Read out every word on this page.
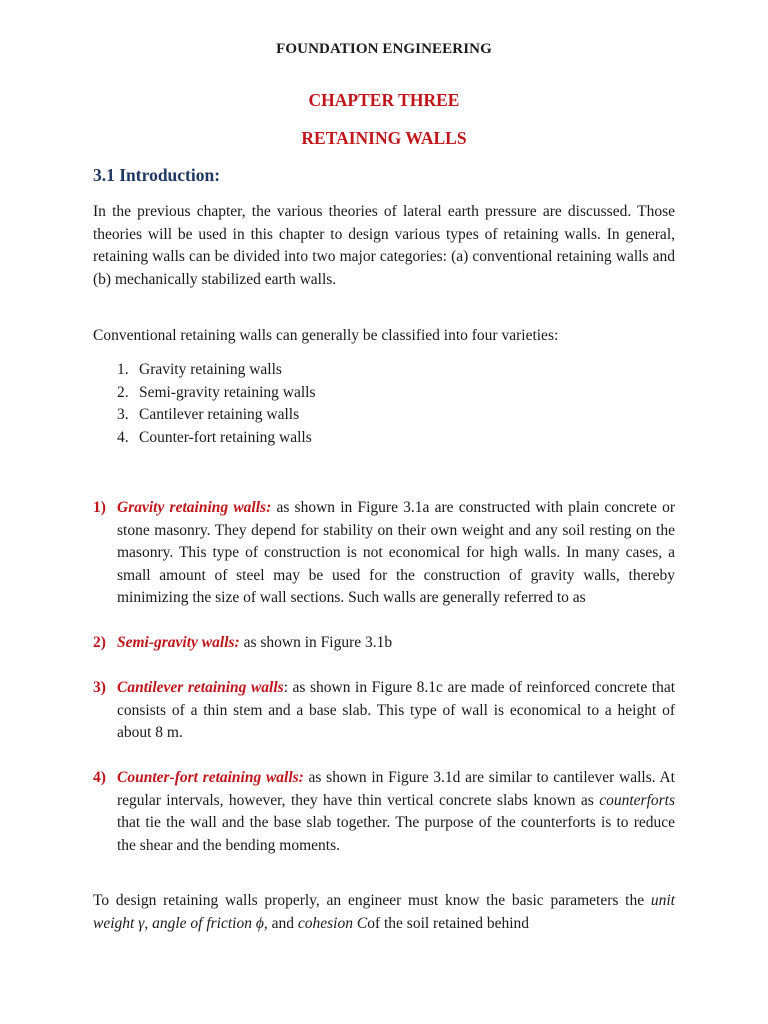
FOUNDATION ENGINEERING
CHAPTER THREE
RETAINING WALLS
3.1 Introduction:

In the previous chapter, the various theories of lateral earth pressure are discussed. Those theories will be used in this chapter to design various types of retaining walls. In general, retaining walls can be divided into two major categories: (a) conventional retaining walls and (b) mechanically stabilized earth walls.

Conventional retaining walls can generally be classified into four varieties:

1. Gravity retaining walls
2. Semi-gravity retaining walls
3. Cantilever retaining walls
4. Counter-fort retaining walls
1) Gravity retaining walls: as shown in Figure 3.1a are constructed with plain concrete or stone masonry. They depend for stability on their own weight and any soil resting on the masonry. This type of construction is not economical for high walls. In many cases, a small amount of steel may be used for the construction of gravity walls, thereby minimizing the size of wall sections. Such walls are generally referred to as
2) Semi-gravity walls: as shown in Figure 3.1b
3) Cantilever retaining walls: as shown in Figure 8.1c are made of reinforced concrete that consists of a thin stem and a base slab. This type of wall is economical to a height of about 8 m.
4) Counter-fort retaining walls: as shown in Figure 3.1d are similar to cantilever walls. At regular intervals, however, they have thin vertical concrete slabs known as counterforts that tie the wall and the base slab together. The purpose of the counterforts is to reduce the shear and the bending moments.

To design retaining walls properly, an engineer must know the basic parameters the unit weight γ, angle of friction ϕ, and cohesion Cof the soil retained behind
